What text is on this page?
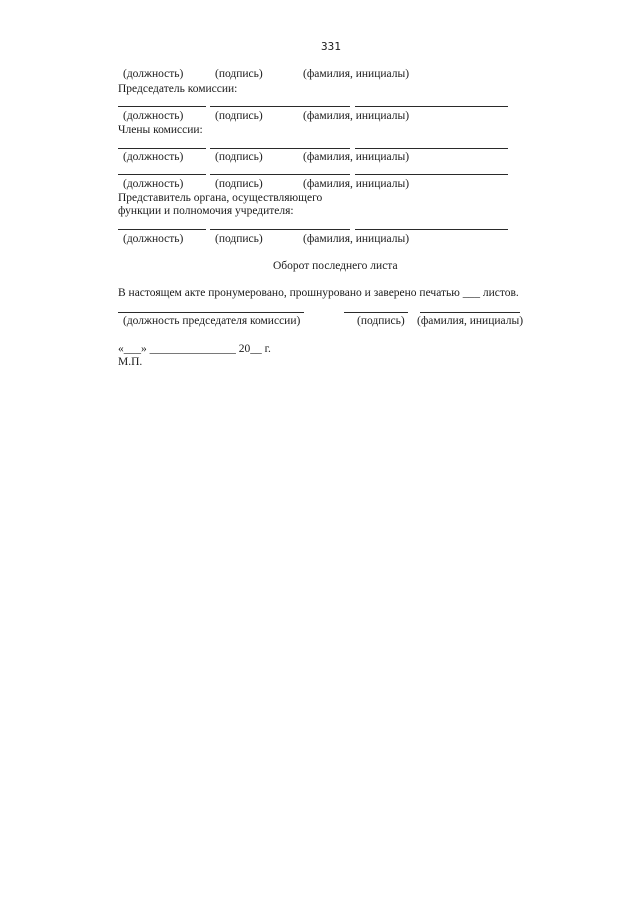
331
(должность)	(подпись)	(фамилия, инициалы)
Председатель комиссии:
(должность)	(подпись)	(фамилия, инициалы)
Члены комиссии:
(должность)	(подпись)	(фамилия, инициалы)
(должность)	(подпись)	(фамилия, инициалы)
Представитель органа, осуществляющего
функции и полномочия учредителя:
(должность)	(подпись)	(фамилия, инициалы)
Оборот последнего листа
В настоящем акте пронумеровано, прошнуровано и заверено печатью ___ листов.
(должность председателя комиссии)	(подпись) (фамилия, инициалы)
«___» _______________ 20__ г.
М.П.
